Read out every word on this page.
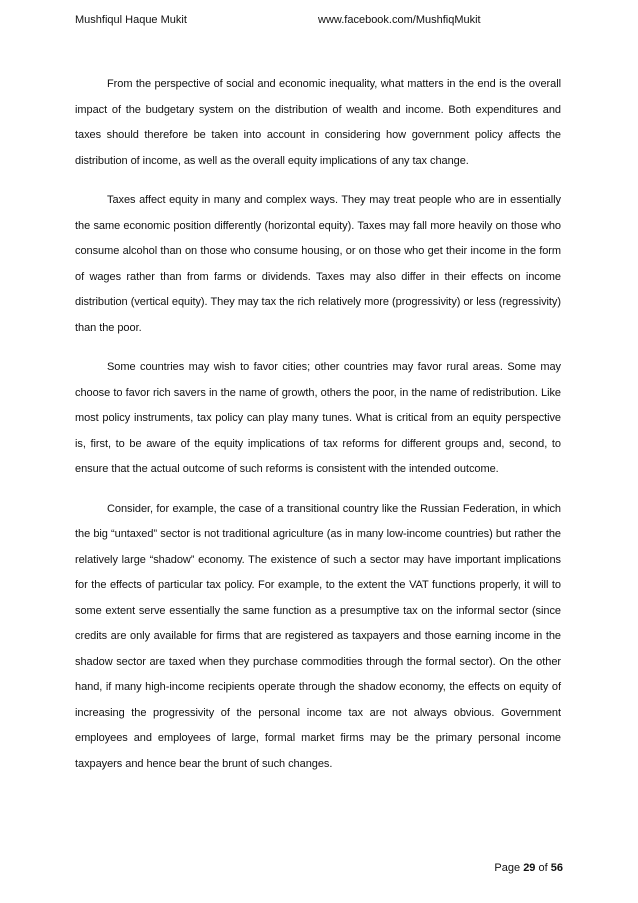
Mushfiqul Haque Mukit	www.facebook.com/MushfiqMukit

From the perspective of social and economic inequality, what matters in the end is the overall impact of the budgetary system on the distribution of wealth and income. Both expenditures and taxes should therefore be taken into account in considering how government policy affects the distribution of income, as well as the overall equity implications of any tax change.

Taxes affect equity in many and complex ways. They may treat people who are in essentially the same economic position differently (horizontal equity). Taxes may fall more heavily on those who consume alcohol than on those who consume housing, or on those who get their income in the form of wages rather than from farms or dividends. Taxes may also differ in their effects on income distribution (vertical equity). They may tax the rich relatively more (progressivity) or less (regressivity) than the poor.

Some countries may wish to favor cities; other countries may favor rural areas. Some may choose to favor rich savers in the name of growth, others the poor, in the name of redistribution. Like most policy instruments, tax policy can play many tunes. What is critical from an equity perspective is, first, to be aware of the equity implications of tax reforms for different groups and, second, to ensure that the actual outcome of such reforms is consistent with the intended outcome.

Consider, for example, the case of a transitional country like the Russian Federation, in which the big “untaxed” sector is not traditional agriculture (as in many low-income countries) but rather the relatively large “shadow” economy. The existence of such a sector may have important implications for the effects of particular tax policy. For example, to the extent the VAT functions properly, it will to some extent serve essentially the same function as a presumptive tax on the informal sector (since credits are only available for firms that are registered as taxpayers and those earning income in the shadow sector are taxed when they purchase commodities through the formal sector). On the other hand, if many high-income recipients operate through the shadow economy, the effects on equity of increasing the progressivity of the personal income tax are not always obvious. Government employees and employees of large, formal market firms may be the primary personal income taxpayers and hence bear the brunt of such changes.

Page 29 of 56
